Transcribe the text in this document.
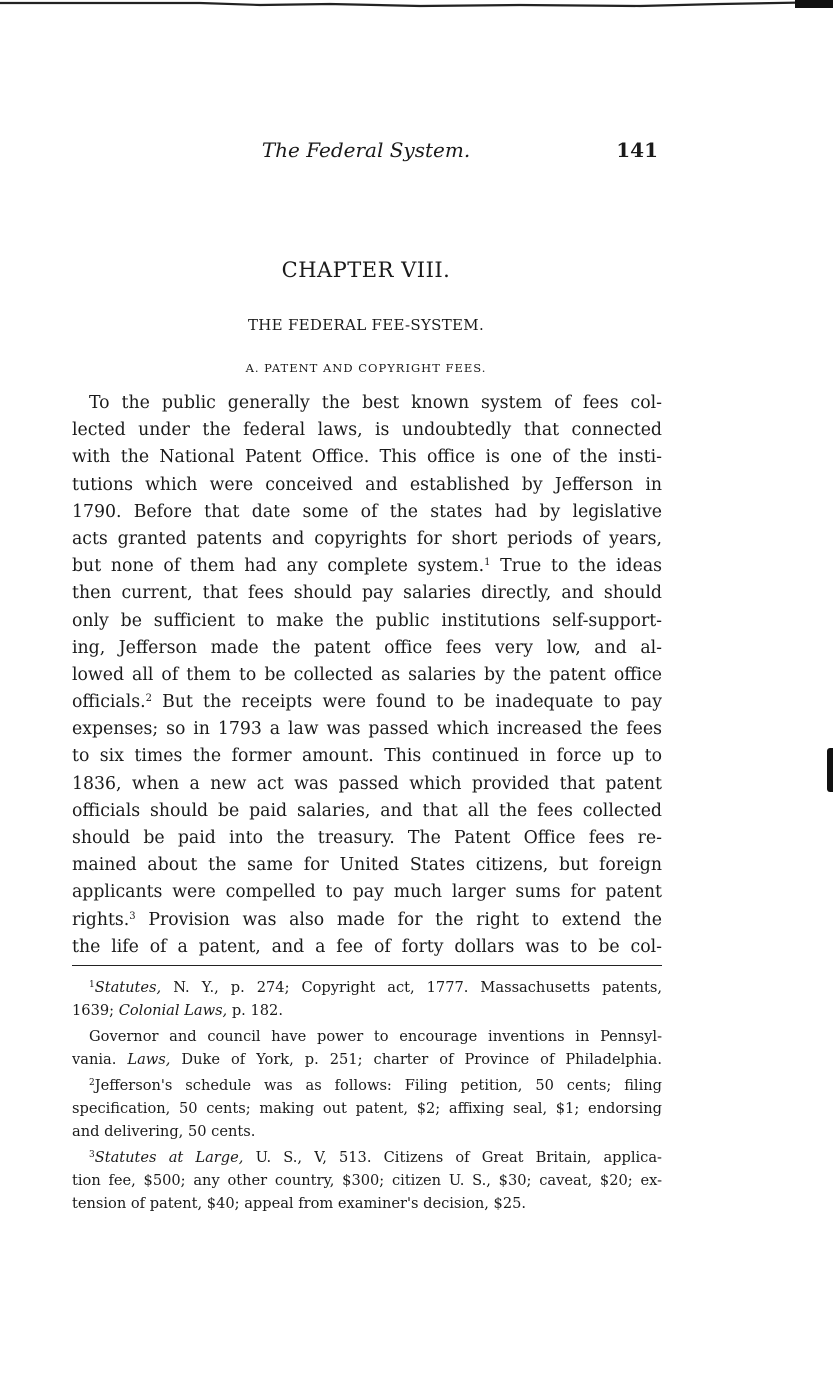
The Federal System.	141
CHAPTER VIII.
THE FEDERAL FEE-SYSTEM.
A. PATENT AND COPYRIGHT FEES.
To the public generally the best known system of fees col-
lected under the federal laws, is undoubtedly that connected
with the National Patent Office. This office is one of the insti-
tutions which were conceived and established by Jefferson in
1790. Before that date some of the states had by legislative
acts granted patents and copyrights for short periods of years,
but none of them had any complete system.$^1$ True to the ideas
then current, that fees should pay salaries directly, and should
only be sufficient to make the public institutions self-support-
ing, Jefferson made the patent office fees very low, and al-
lowed all of them to be collected as salaries by the patent office
officials.$^2$ But the receipts were found to be inadequate to pay
expenses; so in 1793 a law was passed which increased the fees
to six times the former amount. This continued in force up to
1836, when a new act was passed which provided that patent
officials should be paid salaries, and that all the fees collected
should be paid into the treasury. The Patent Office fees re-
mained about the same for United States citizens, but foreign
applicants were compelled to pay much larger sums for patent
rights.$^3$ Provision was also made for the right to extend the
the life of a patent, and a fee of forty dollars was to be col-
$^1$Statutes, N. Y., p. 274; Copyright act, 1777. Massachusetts patents,
1639; Colonial Laws, p. 182.
Governor and council have power to encourage inventions in Pennsyl-
vania. Laws, Duke of York, p. 251; charter of Province of Philadelphia.
$^2$Jefferson's schedule was as follows: Filing petition, 50 cents; filing
specification, 50 cents; making out patent, $2; affixing seal, $1; endorsing
and delivering, 50 cents.
$^3$Statutes at Large, U. S., V, 513. Citizens of Great Britain, applica-
tion fee, $500; any other country, $300; citizen U. S., $30; caveat, $20; ex-
tension of patent, $40; appeal from examiner's decision, $25.
